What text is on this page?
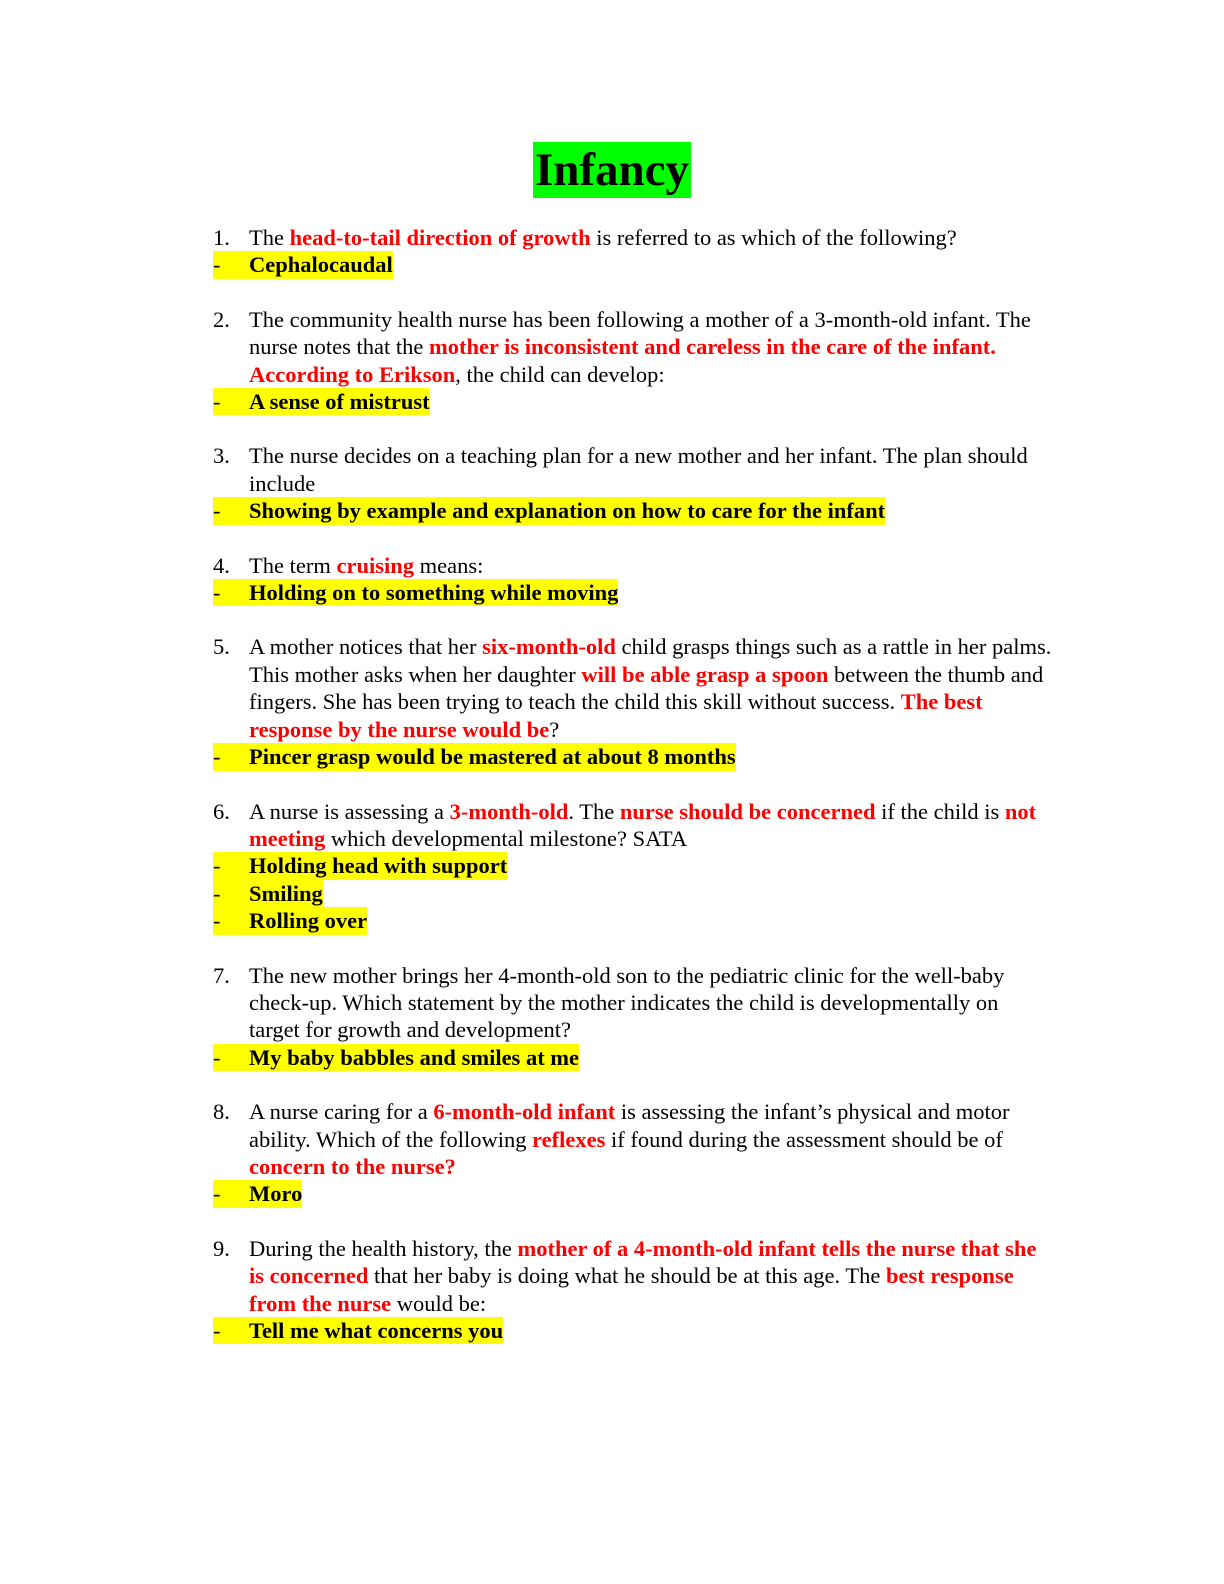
Infancy
1. The head-to-tail direction of growth is referred to as which of the following?
-	Cephalocaudal
2. The community health nurse has been following a mother of a 3-month-old infant. The nurse notes that the mother is inconsistent and careless in the care of the infant. According to Erikson, the child can develop:
-	A sense of mistrust
3. The nurse decides on a teaching plan for a new mother and her infant. The plan should include
-	Showing by example and explanation on how to care for the infant
4. The term cruising means:
-	Holding on to something while moving
5. A mother notices that her six-month-old child grasps things such as a rattle in her palms. This mother asks when her daughter will be able grasp a spoon between the thumb and fingers. She has been trying to teach the child this skill without success. The best response by the nurse would be?
-	Pincer grasp would be mastered at about 8 months
6. A nurse is assessing a 3-month-old. The nurse should be concerned if the child is not meeting which developmental milestone? SATA
-	Holding head with support
-	Smiling
-	Rolling over
7. The new mother brings her 4-month-old son to the pediatric clinic for the well-baby check-up. Which statement by the mother indicates the child is developmentally on target for growth and development?
-	My baby babbles and smiles at me
8. A nurse caring for a 6-month-old infant is assessing the infant’s physical and motor ability. Which of the following reflexes if found during the assessment should be of concern to the nurse?
-	Moro
9. During the health history, the mother of a 4-month-old infant tells the nurse that she is concerned that her baby is doing what he should be at this age. The best response from the nurse would be:
-	Tell me what concerns you
